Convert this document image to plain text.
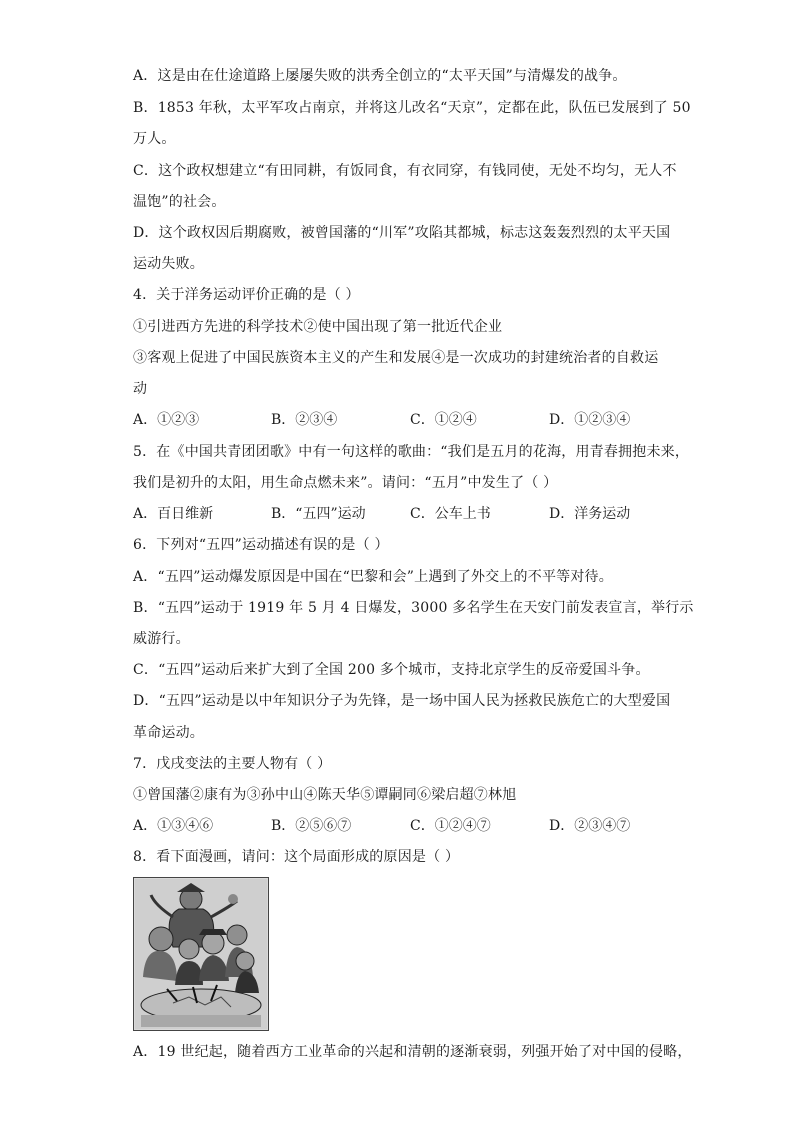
A．这是由在仕途道路上屡屡失败的洪秀全创立的“太平天国”与清爆发的战争。
B．1853 年秋，太平军攻占南京，并将这儿改名“天京”，定都在此，队伍已发展到了 50
万人。
C．这个政权想建立“有田同耕，有饭同食，有衣同穿，有钱同使，无处不均匀，无人不
温饱”的社会。
D．这个政权因后期腐败，被曾国藩的“川军”攻陷其都城，标志这轰轰烈烈的太平天国
运动失败。
4．关于洋务运动评价正确的是（ ）
①引进西方先进的科学技术②使中国出现了第一批近代企业
③客观上促进了中国民族资本主义的产生和发展④是一次成功的封建统治者的自救运
动
A．①②③	B．②③④	C．①②④	D．①②③④
5．在《中国共青团团歌》中有一句这样的歌曲：“我们是五月的花海，用青春拥抱未来，
我们是初升的太阳，用生命点燃未来”。请问：“五月”中发生了（ ）
A．百日维新	B．“五四”运动	C．公车上书	D．洋务运动
6．下列对“五四”运动描述有误的是（ ）
A．“五四”运动爆发原因是中国在“巴黎和会”上遇到了外交上的不平等对待。
B．“五四”运动于 1919 年 5 月 4 日爆发，3000 多名学生在天安门前发表宣言，举行示
威游行。
C．“五四”运动后来扩大到了全国 200 多个城市，支持北京学生的反帝爱国斗争。
D．“五四”运动是以中年知识分子为先锋，是一场中国人民为拯救民族危亡的大型爱国
革命运动。
7．戊戌变法的主要人物有（ ）
①曾国藩②康有为③孙中山④陈天华⑤谭嗣同⑥梁启超⑦林旭
A．①③④⑥	B．②⑤⑥⑦	C．①②④⑦	D．②③④⑦
8．看下面漫画，请问：这个局面形成的原因是（ ）
A．19 世纪起，随着西方工业革命的兴起和清朝的逐渐衰弱，列强开始了对中国的侵略，
